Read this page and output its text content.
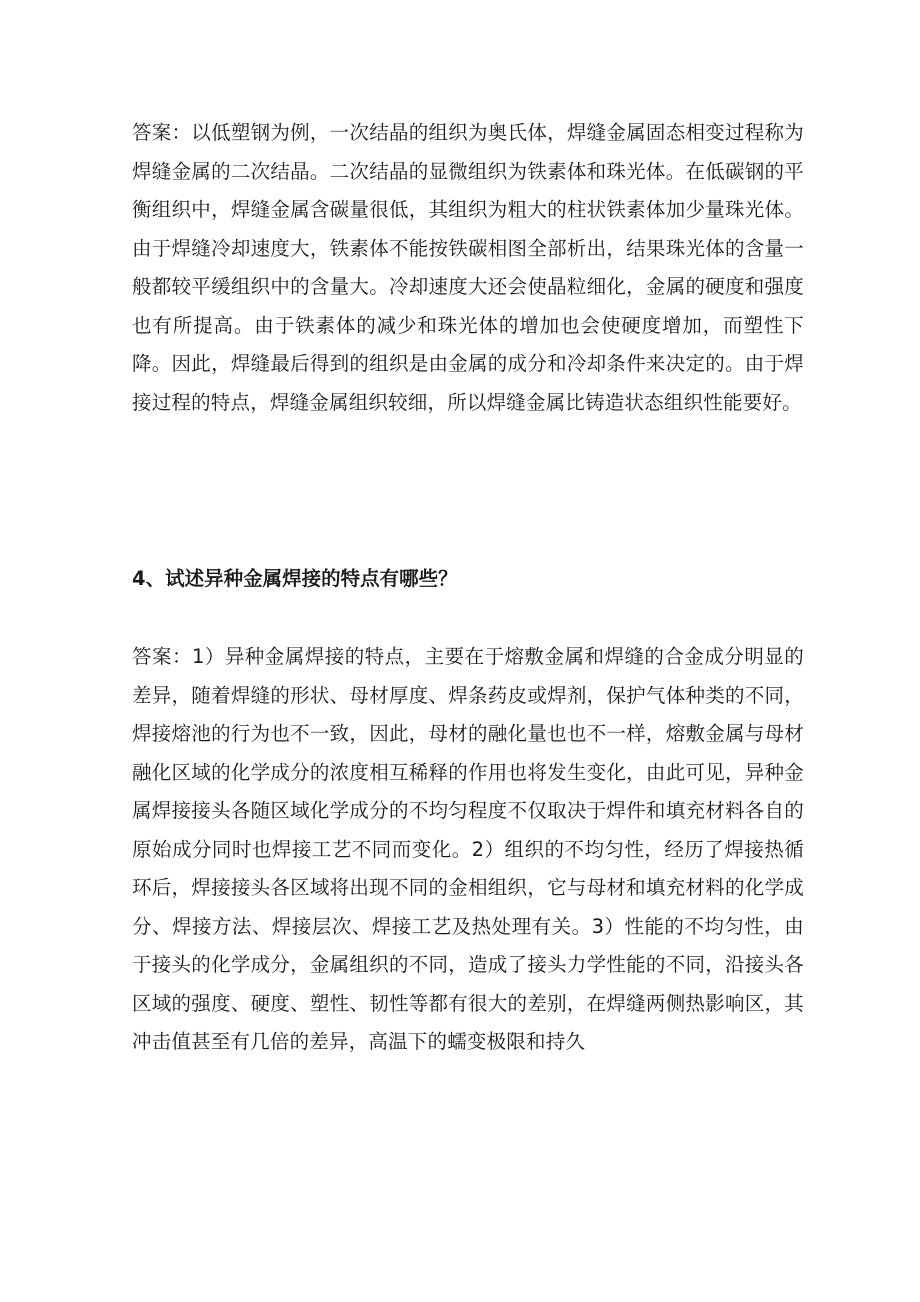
答案：以低塑钢为例，一次结晶的组织为奥氏体，焊缝金属固态相变过程称为焊缝金属的二次结晶。二次结晶的显微组织为铁素体和珠光体。在低碳钢的平衡组织中，焊缝金属含碳量很低，其组织为粗大的柱状铁素体加少量珠光体。由于焊缝冷却速度大，铁素体不能按铁碳相图全部析出，结果珠光体的含量一般都较平缓组织中的含量大。冷却速度大还会使晶粒细化，金属的硬度和强度也有所提高。由于铁素体的减少和珠光体的增加也会使硬度增加，而塑性下降。因此，焊缝最后得到的组织是由金属的成分和冷却条件来决定的。由于焊接过程的特点，焊缝金属组织较细，所以焊缝金属比铸造状态组织性能要好。

4、试述异种金属焊接的特点有哪些？

答案：1）异种金属焊接的特点，主要在于熔敷金属和焊缝的合金成分明显的差异，随着焊缝的形状、母材厚度、焊条药皮或焊剂，保护气体种类的不同，焊接熔池的行为也不一致，因此，母材的融化量也也不一样，熔敷金属与母材融化区域的化学成分的浓度相互稀释的作用也将发生变化，由此可见，异种金属焊接接头各随区域化学成分的不均匀程度不仅取决于焊件和填充材料各自的原始成分同时也焊接工艺不同而变化。2）组织的不均匀性，经历了焊接热循环后，焊接接头各区域将出现不同的金相组织，它与母材和填充材料的化学成分、焊接方法、焊接层次、焊接工艺及热处理有关。3）性能的不均匀性，由于接头的化学成分，金属组织的不同，造成了接头力学性能的不同，沿接头各区域的强度、硬度、塑性、韧性等都有很大的差别，在焊缝两侧热影响区，其冲击值甚至有几倍的差异，高温下的蠕变极限和持久
